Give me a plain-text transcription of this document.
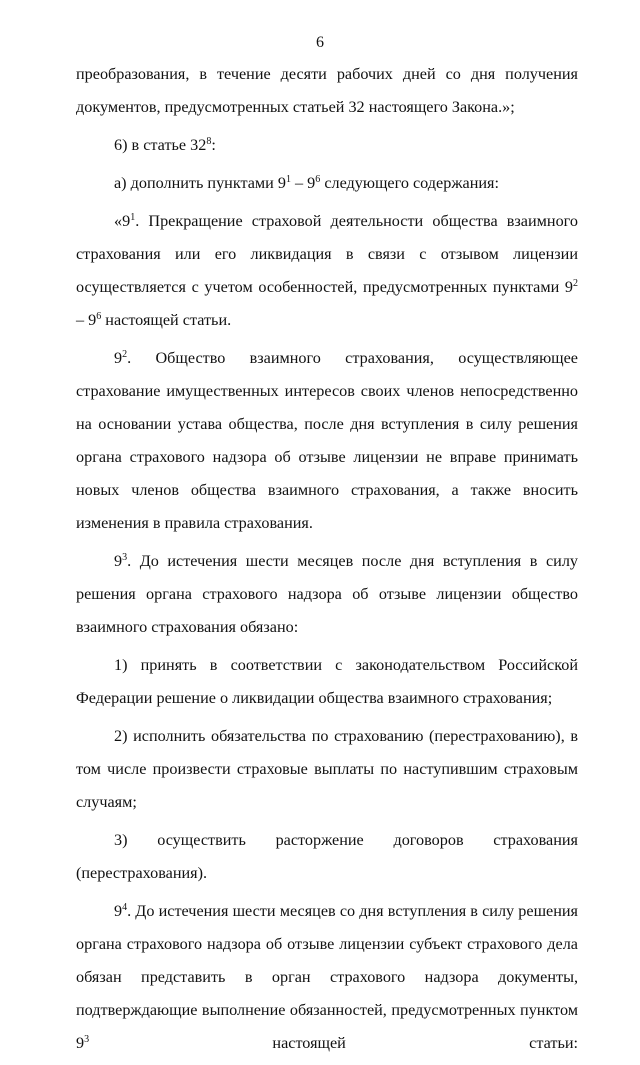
6

преобразования, в течение десяти рабочих дней со дня получения документов, предусмотренных статьей 32 настоящего Закона.»;

6) в статье $32^8$:

а) дополнить пунктами $9^1 - 9^6$ следующего содержания:

«$9^1$. Прекращение страховой деятельности общества взаимного страхования или его ликвидация в связи с отзывом лицензии осуществляется с учетом особенностей, предусмотренных пунктами $9^2 - 9^6$ настоящей статьи.

$9^2$. Общество взаимного страхования, осуществляющее страхование имущественных интересов своих членов непосредственно на основании устава общества, после дня вступления в силу решения органа страхового надзора об отзыве лицензии не вправе принимать новых членов общества взаимного страхования, а также вносить изменения в правила страхования.

$9^3$. До истечения шести месяцев после дня вступления в силу решения органа страхового надзора об отзыве лицензии общество взаимного страхования обязано:

1) принять в соответствии с законодательством Российской Федерации решение о ликвидации общества взаимного страхования;

2) исполнить обязательства по страхованию (перестрахованию), в том числе произвести страховые выплаты по наступившим страховым случаям;

3) осуществить расторжение договоров страхования (перестрахования).

$9^4$. До истечения шести месяцев со дня вступления в силу решения органа страхового надзора об отзыве лицензии субъект страхового дела обязан представить в орган страхового надзора документы, подтверждающие выполнение обязанностей, предусмотренных пунктом $9^3$ настоящей статьи:
